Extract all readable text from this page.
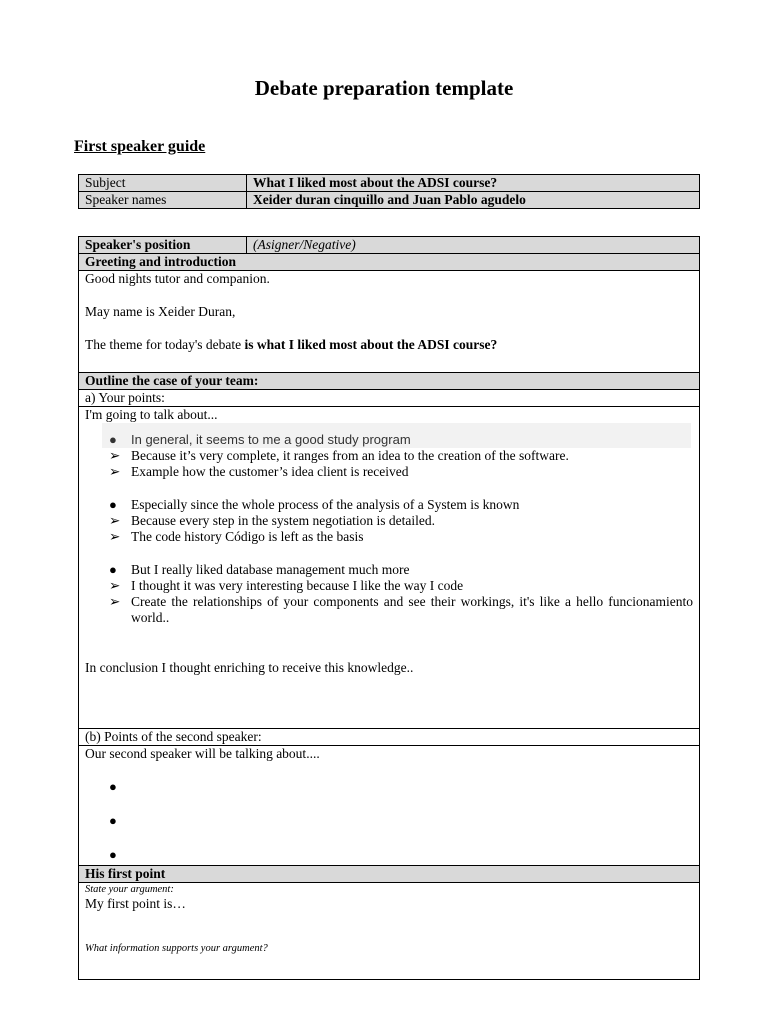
Debate preparation template
First speaker guide
Subject	What I liked most about the ADSI course?
Speaker names	Xeider duran cinquillo and Juan Pablo agudelo
Speaker's position	(Asigner/Negative)
Greeting and introduction

Good nights tutor and companion.

May name is Xeider Duran,

The theme for today's debate is what I liked most about the ADSI course?

Outline the case of your team:
a) Your points:

I'm going to talk about...

● In general, it seems to me a good study program
➢ Because it’s very complete, it ranges from an idea to the creation of the software.
➢ Example how the customer’s idea client is received
● Especially since the whole process of the analysis of a System is known
➢ Because every step in the system negotiation is detailed.
➢ The code history Código is left as the basis
● But I really liked database management much more
➢ I thought it was very interesting because I like the way I code
➢ Create the relationships of your components and see their workings, it's like a hello funcionamiento world..

In conclusion I thought enriching to receive this knowledge..

(b) Points of the second speaker:

Our second speaker will be talking about....

●
●
●

His first point

State your argument:

My first point is…

What information supports your argument?
